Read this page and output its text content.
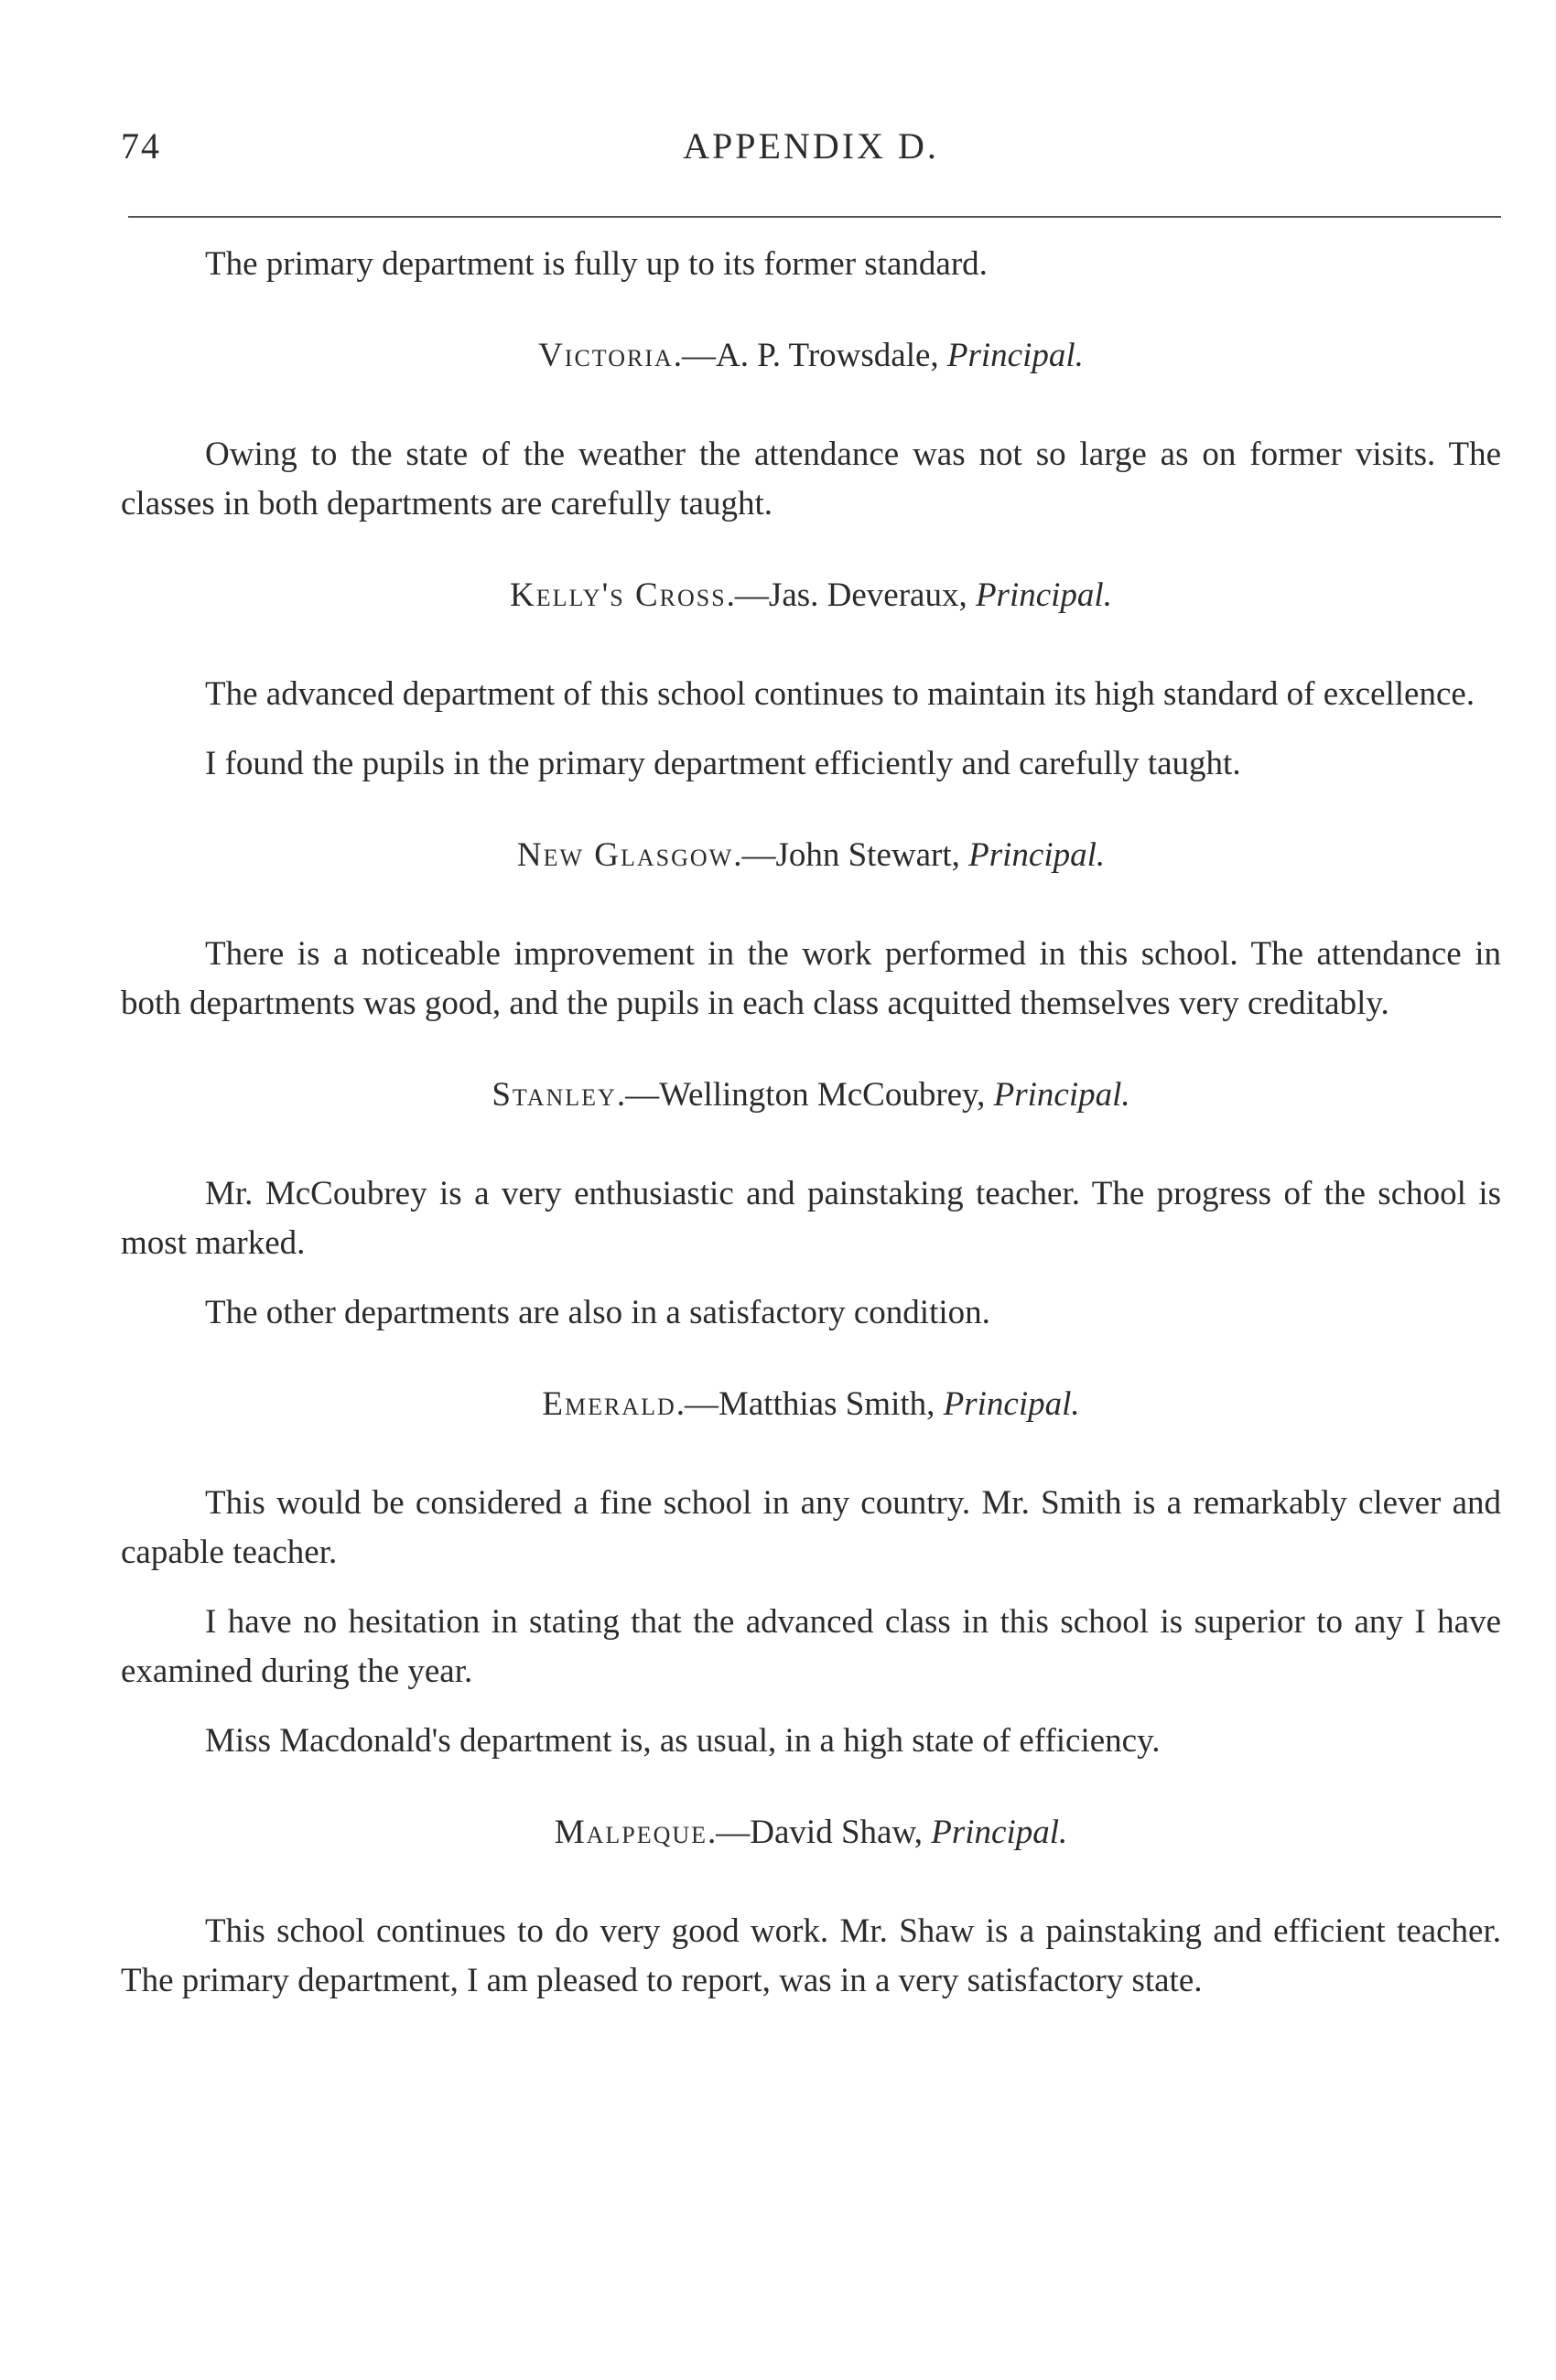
74	APPENDIX D.

The primary department is fully up to its former standard.

Victoria.—A. P. Trowsdale, Principal.

Owing to the state of the weather the attendance was not so large as on former visits. The classes in both departments are carefully taught.

Kelly's Cross.—Jas. Deveraux, Principal.

The advanced department of this school continues to maintain its high standard of excellence.

I found the pupils in the primary department efficiently and carefully taught.

New Glasgow.—John Stewart, Principal.

There is a noticeable improvement in the work performed in this school. The attendance in both departments was good, and the pupils in each class acquitted themselves very creditably.

Stanley.—Wellington McCoubrey, Principal.

Mr. McCoubrey is a very enthusiastic and painstaking teacher. The progress of the school is most marked.

The other departments are also in a satisfactory condition.

Emerald.—Matthias Smith, Principal.

This would be considered a fine school in any country. Mr. Smith is a remarkably clever and capable teacher.

I have no hesitation in stating that the advanced class in this school is superior to any I have examined during the year.

Miss Macdonald's department is, as usual, in a high state of efficiency.

Malpeque.—David Shaw, Principal.

This school continues to do very good work. Mr. Shaw is a painstaking and efficient teacher. The primary department, I am pleased to report, was in a very satisfactory state.
